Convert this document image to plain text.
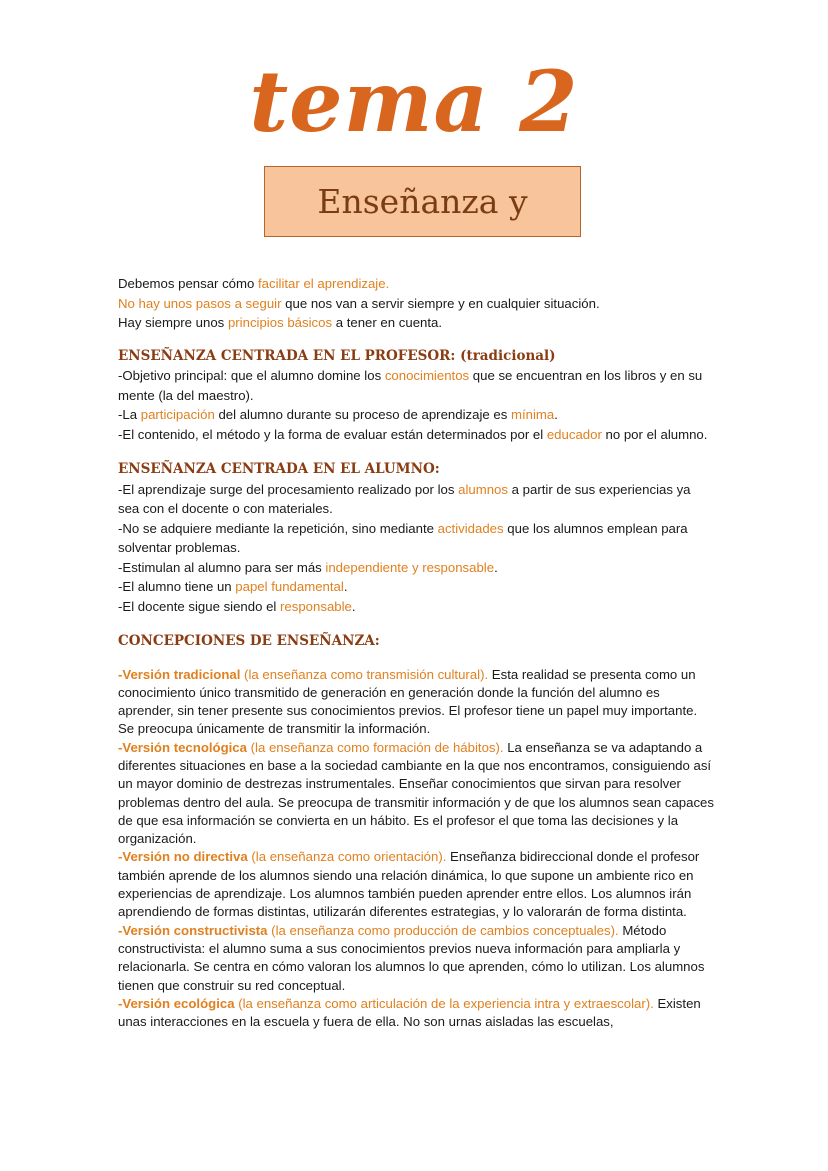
tema 2
Enseñanza y

Debemos pensar cómo facilitar el aprendizaje.

No hay unos pasos a seguir que nos van a servir siempre y en cualquier situación.

Hay siempre unos principios básicos a tener en cuenta.

ENSEÑANZA CENTRADA EN EL PROFESOR: (tradicional)

-Objetivo principal: que el alumno domine los conocimientos que se encuentran en los libros y en su mente (la del maestro).

-La participación del alumno durante su proceso de aprendizaje es mínima.

-El contenido, el método y la forma de evaluar están determinados por el educador no por el alumno.

ENSEÑANZA CENTRADA EN EL ALUMNO:

-El aprendizaje surge del procesamiento realizado por los alumnos a partir de sus experiencias ya sea con el docente o con materiales.

-No se adquiere mediante la repetición, sino mediante actividades que los alumnos emplean para solventar problemas.

-Estimulan al alumno para ser más independiente y responsable.

-El alumno tiene un papel fundamental.

-El docente sigue siendo el responsable.

CONCEPCIONES DE ENSEÑANZA:

-Versión tradicional (la enseñanza como transmisión cultural). Esta realidad se presenta como un conocimiento único transmitido de generación en generación donde la función del alumno es aprender, sin tener presente sus conocimientos previos. El profesor tiene un papel muy importante. Se preocupa únicamente de transmitir la información.

-Versión tecnológica (la enseñanza como formación de hábitos). La enseñanza se va adaptando a diferentes situaciones en base a la sociedad cambiante en la que nos encontramos, consiguiendo así un mayor dominio de destrezas instrumentales. Enseñar conocimientos que sirvan para resolver problemas dentro del aula. Se preocupa de transmitir información y de que los alumnos sean capaces de que esa información se convierta en un hábito. Es el profesor el que toma las decisiones y la organización.

-Versión no directiva (la enseñanza como orientación). Enseñanza bidireccional donde el profesor también aprende de los alumnos siendo una relación dinámica, lo que supone un ambiente rico en experiencias de aprendizaje. Los alumnos también pueden aprender entre ellos. Los alumnos irán aprendiendo de formas distintas, utilizarán diferentes estrategias, y lo valorarán de forma distinta.

-Versión constructivista (la enseñanza como producción de cambios conceptuales). Método constructivista: el alumno suma a sus conocimientos previos nueva información para ampliarla y relacionarla. Se centra en cómo valoran los alumnos lo que aprenden, cómo lo utilizan. Los alumnos tienen que construir su red conceptual.

-Versión ecológica (la enseñanza como articulación de la experiencia intra y extraescolar). Existen unas interacciones en la escuela y fuera de ella. No son urnas aisladas las escuelas,
